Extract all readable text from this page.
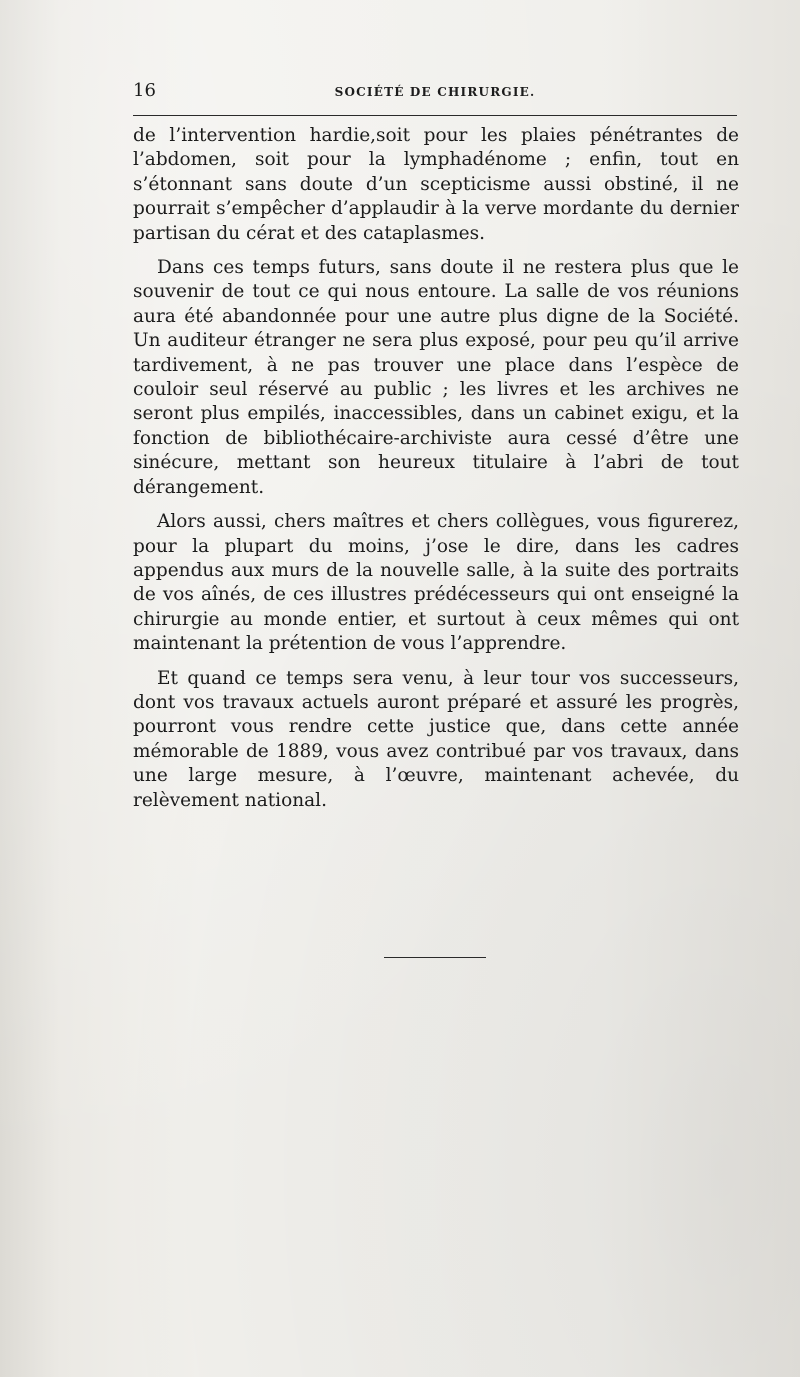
16	SOCIÉTÉ DE CHIRURGIE.

de l’intervention hardie,soit pour les plaies pénétrantes de l’abdomen, soit pour la lymphadénome ; enfin, tout en s’étonnant sans doute d’un scepticisme aussi obstiné, il ne pourrait s’empêcher d’applaudir à la verve mordante du dernier partisan du cérat et des cataplasmes.

Dans ces temps futurs, sans doute il ne restera plus que le souvenir de tout ce qui nous entoure. La salle de vos réunions aura été abandonnée pour une autre plus digne de la Société. Un auditeur étranger ne sera plus exposé, pour peu qu’il arrive tardivement, à ne pas trouver une place dans l’espèce de couloir seul réservé au public ; les livres et les archives ne seront plus empilés, inaccessibles, dans un cabinet exigu, et la fonction de bibliothécaire-archiviste aura cessé d’être une sinécure, mettant son heureux titulaire à l’abri de tout dérangement.

Alors aussi, chers maîtres et chers collègues, vous figurerez, pour la plupart du moins, j’ose le dire, dans les cadres appendus aux murs de la nouvelle salle, à la suite des portraits de vos aînés, de ces illustres prédécesseurs qui ont enseigné la chirurgie au monde entier, et surtout à ceux mêmes qui ont maintenant la prétention de vous l’apprendre.

Et quand ce temps sera venu, à leur tour vos successeurs, dont vos travaux actuels auront préparé et assuré les progrès, pourront vous rendre cette justice que, dans cette année mémorable de 1889, vous avez contribué par vos travaux, dans une large mesure, à l’œuvre, maintenant achevée, du relèvement national.
